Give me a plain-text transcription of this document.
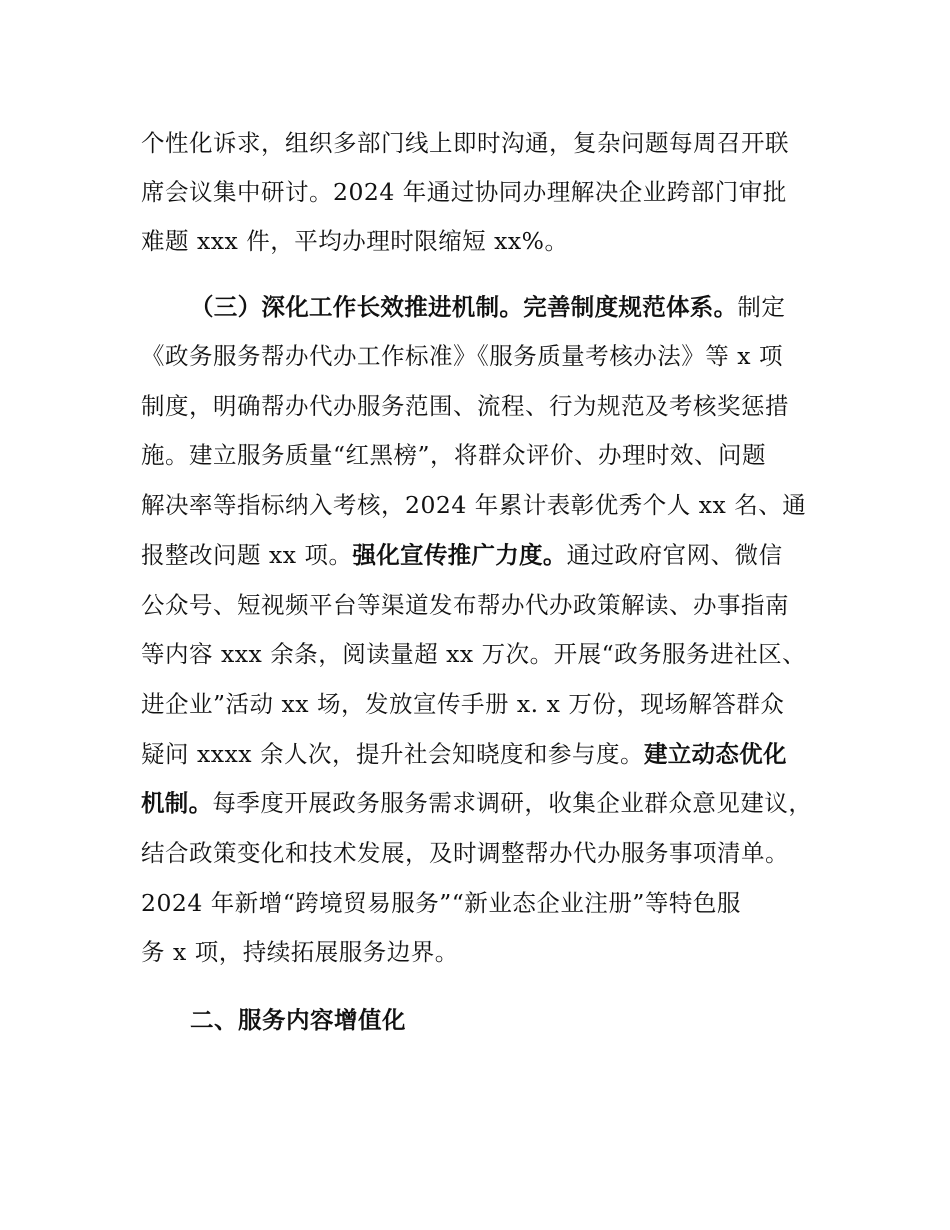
个性化诉求，组织多部门线上即时沟通，复杂问题每周召开联
席会议集中研讨。2024 年通过协同办理解决企业跨部门审批
难题 xxx 件，平均办理时限缩短 xx%。
（三）深化工作长效推进机制。完善制度规范体系。制定
《政务服务帮办代办工作标准》《服务质量考核办法》等 x 项
制度，明确帮办代办服务范围、流程、行为规范及考核奖惩措
施。建立服务质量“红黑榜”，将群众评价、办理时效、问题
解决率等指标纳入考核，2024 年累计表彰优秀个人 xx 名、通
报整改问题 xx 项。强化宣传推广力度。通过政府官网、微信
公众号、短视频平台等渠道发布帮办代办政策解读、办事指南
等内容 xxx 余条，阅读量超 xx 万次。开展“政务服务进社区、
进企业”活动 xx 场，发放宣传手册 x. x 万份，现场解答群众
疑问 xxxx 余人次，提升社会知晓度和参与度。建立动态优化
机制。每季度开展政务服务需求调研，收集企业群众意见建议，
结合政策变化和技术发展，及时调整帮办代办服务事项清单。
2024 年新增“跨境贸易服务”“新业态企业注册”等特色服
务 x 项，持续拓展服务边界。
二、服务内容增值化
